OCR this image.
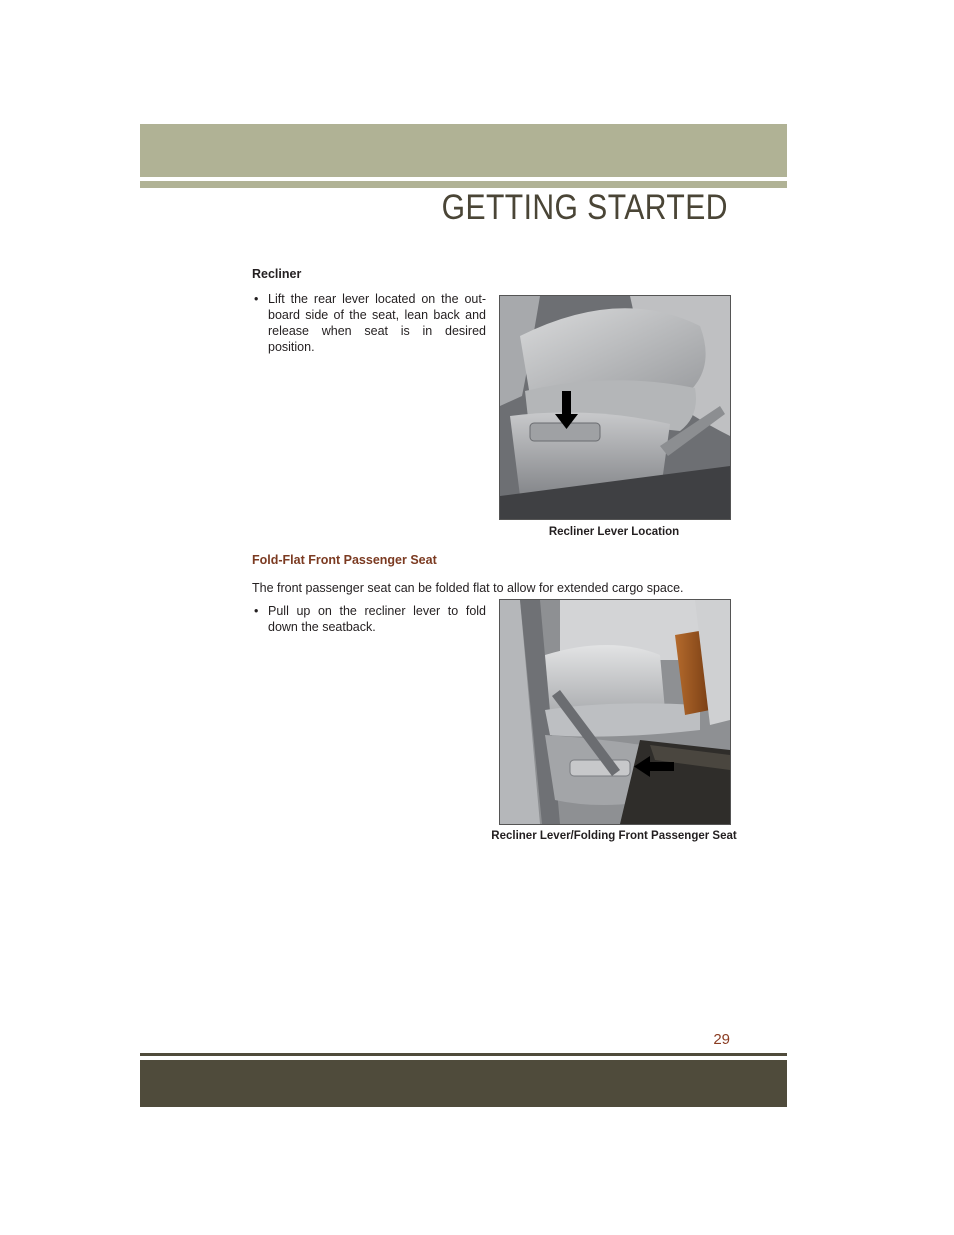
GETTING STARTED
Recliner
• Lift the rear lever located on the out-board side of the seat, lean back and release when seat is in desired position.
Recliner Lever Location
Fold-Flat Front Passenger Seat
The front passenger seat can be folded flat to allow for extended cargo space.
• Pull up on the recliner lever to fold down the seatback.
Recliner Lever/Folding Front Passenger Seat
29
